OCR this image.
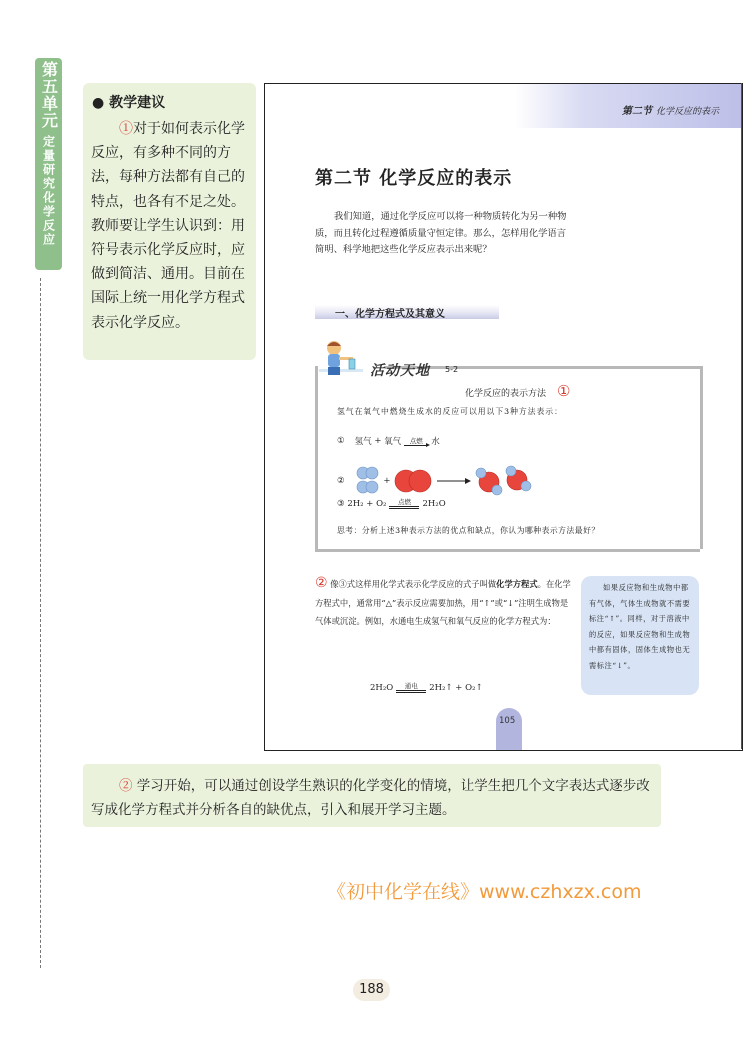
第五单元
定量研究化学反应
● 教学建议
①对于如何表示化学反应，有多种不同的方法，每种方法都有自己的特点，也各有不足之处。教师要让学生认识到：用符号表示化学反应时，应做到简洁、通用。目前在国际上统一用化学方程式表示化学反应。
第二节 化学反应的表示
第二节 化学反应的表示
我们知道，通过化学反应可以将一种物质转化为另一种物质，而且转化过程遵循质量守恒定律。那么，怎样用化学语言简明、科学地把这些化学反应表示出来呢？
一、化学方程式及其意义
活动天地 5-2
化学反应的表示方法 ①
氢气在氧气中燃烧生成水的反应可以用以下3种方法表示：
① 氢气
+
氧气 点燃 水
②
	+

③
2H₂ + O₂ 点燃 2H₂O
思考：分析上述3种表示方法的优点和缺点，你认为哪种表示方法最好？
② 像③式这样用化学式表示化学反应的式子叫做化学方程式。在化学方程式中，通常用“△”表示反应需要加热，用“↑”或“↓”注明生成物是气体或沉淀。例如，水通电生成氢气和氧气反应的化学方程式为：
如果反应物和生成物中都有气体，气体生成物就不需要标注“↑”。同样，对于溶液中的反应，如果反应物和生成物中都有固体，固体生成物也无需标注“↓”。
2H₂O 通电 2H₂↑ + O₂↑
105
② 学习开始，可以通过创设学生熟识的化学变化的情境，让学生把几个文字表达式逐步改写成化学方程式并分析各自的缺优点，引入和展开学习主题。
《初中化学在线》www.czhxzx.com
188
